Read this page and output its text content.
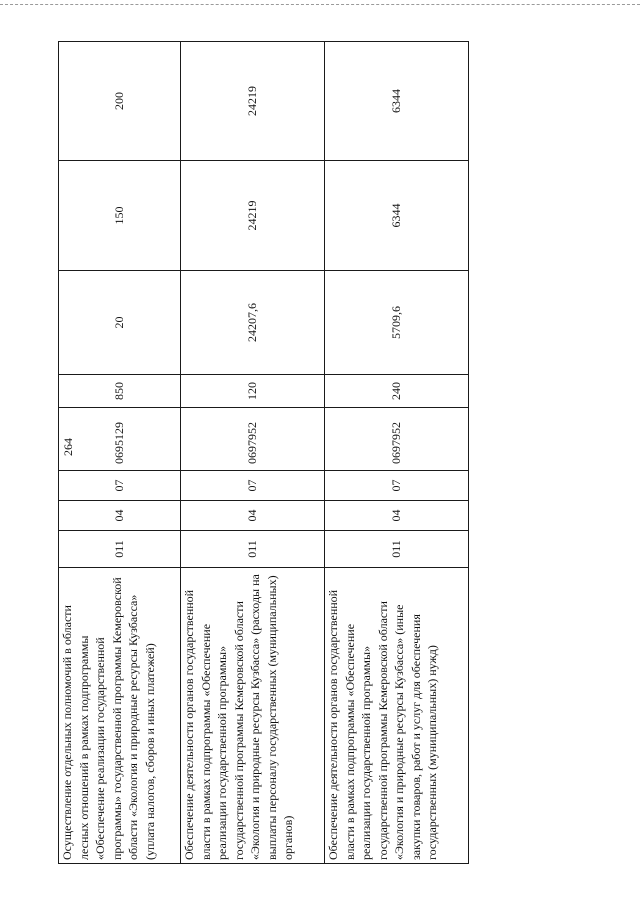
264
Осуществление отдельных полномочий в области лесных отношений в рамках подпрограммы «Обеспечение реализации государственной программы» государственной программы Кемеровской области «Экология и природные ресурсы Кузбасса» (уплата налогов, сборов и иных платежей)	011	04	07	0695129	850	20	150	200
Обеспечение деятельности органов государственной власти в рамках подпрограммы «Обеспечение реализации государственной программы» государственной программы Кемеровской области «Экология и природные ресурсы Кузбасса» (расходы на выплаты персоналу государственных (муниципальных) органов)	011	04	07	0697952	120	24207,6	24219	24219
Обеспечение деятельности органов государственной власти в рамках подпрограммы «Обеспечение реализации государственной программы» государственной программы Кемеровской области «Экология и природные ресурсы Кузбасса» (иные закупки товаров, работ и услуг для обеспечения государственных (муниципальных) нужд)	011	04	07	0697952	240	5709,6	6344	6344
